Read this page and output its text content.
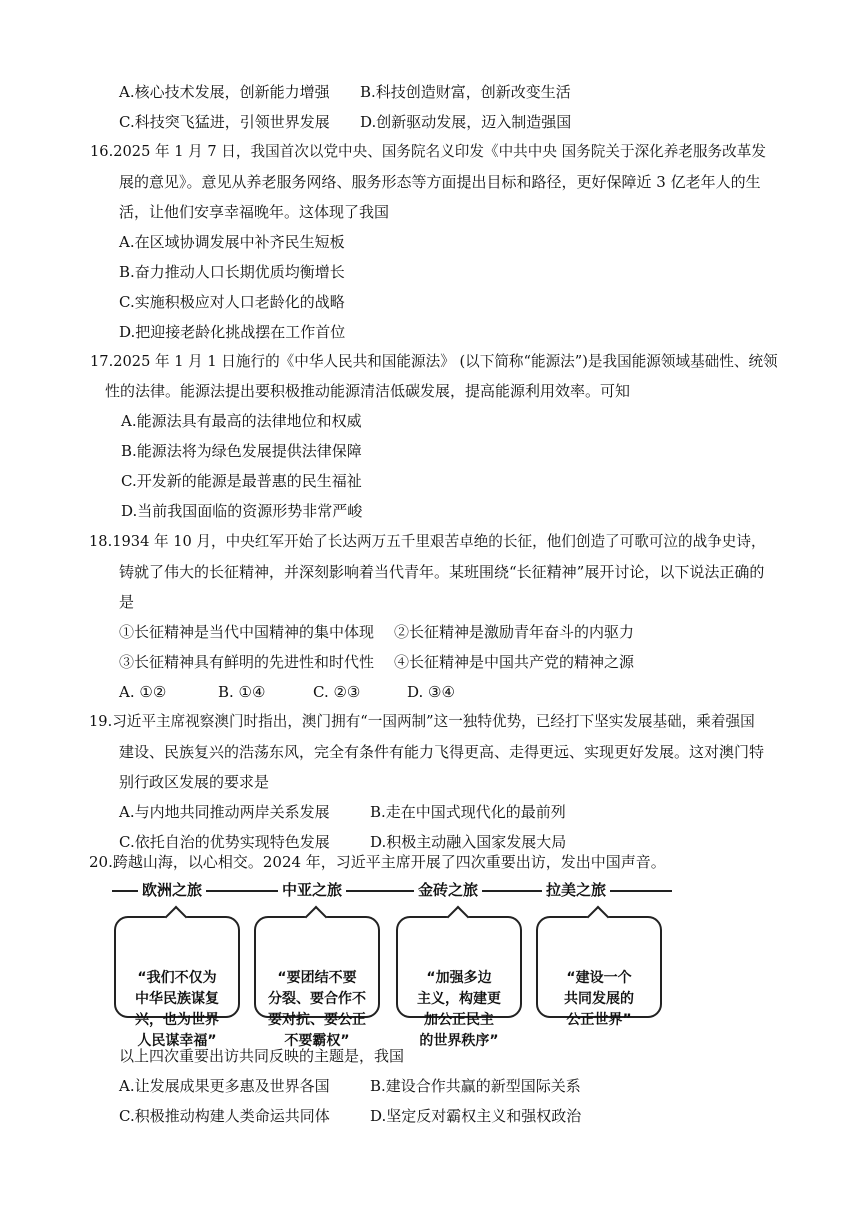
A.核心技术发展，创新能力增强 B.科技创造财富，创新改变生活
C.科技突飞猛进，引领世界发展 D.创新驱动发展，迈入制造强国
16.2025 年 1 月 7 日，我国首次以党中央、国务院名义印发《中共中央 国务院关于深化养老服务改革发
展的意见》。意见从养老服务网络、服务形态等方面提出目标和路径，更好保障近 3 亿老年人的生
活，让他们安享幸福晚年。这体现了我国
A.在区域协调发展中补齐民生短板
B.奋力推动人口长期优质均衡增长
C.实施积极应对人口老龄化的战略
D.把迎接老龄化挑战摆在工作首位
17.2025 年 1 月 1 日施行的《中华人民共和国能源法》 (以下简称“能源法”)是我国能源领域基础性、统领
性的法律。能源法提出要积极推动能源清洁低碳发展，提高能源利用效率。可知
A.能源法具有最高的法律地位和权威
B.能源法将为绿色发展提供法律保障
C.开发新的能源是最普惠的民生福祉
D.当前我国面临的资源形势非常严峻
18.1934 年 10 月，中央红军开始了长达两万五千里艰苦卓绝的长征，他们创造了可歌可泣的战争史诗，
铸就了伟大的长征精神，并深刻影响着当代青年。某班围绕“长征精神”展开讨论，以下说法正确的
是
①长征精神是当代中国精神的集中体现 ②长征精神是激励青年奋斗的内驱力
③长征精神具有鲜明的先进性和时代性 ④长征精神是中国共产党的精神之源
A. ①②	B. ①④	C. ②③	D. ③④
19.习近平主席视察澳门时指出，澳门拥有“一国两制”这一独特优势，已经打下坚实发展基础，乘着强国
建设、民族复兴的浩荡东风，完全有条件有能力飞得更高、走得更远、实现更好发展。这对澳门特
别行政区发展的要求是
A.与内地共同推动两岸关系发展	B.走在中国式现代化的最前列
C.依托自治的优势实现特色发展	D.积极主动融入国家发展大局
20.跨越山海，以心相交。2024 年，习近平主席开展了四次重要出访，发出中国声音。
欧洲之旅	中亚之旅	金砖之旅	拉美之旅

“我们不仅为
中华民族谋复
兴，也为世界
人民谋幸福”

“要团结不要
分裂、要合作不
要对抗、要公正
不要霸权”

“加强多边
主义，构建更
加公正民主
的世界秩序”

“建设一个
共同发展的
公正世界”

以上四次重要出访共同反映的主题是，我国
A.让发展成果更多惠及世界各国	B.建设合作共赢的新型国际关系
C.积极推动构建人类命运共同体	D.坚定反对霸权主义和强权政治
